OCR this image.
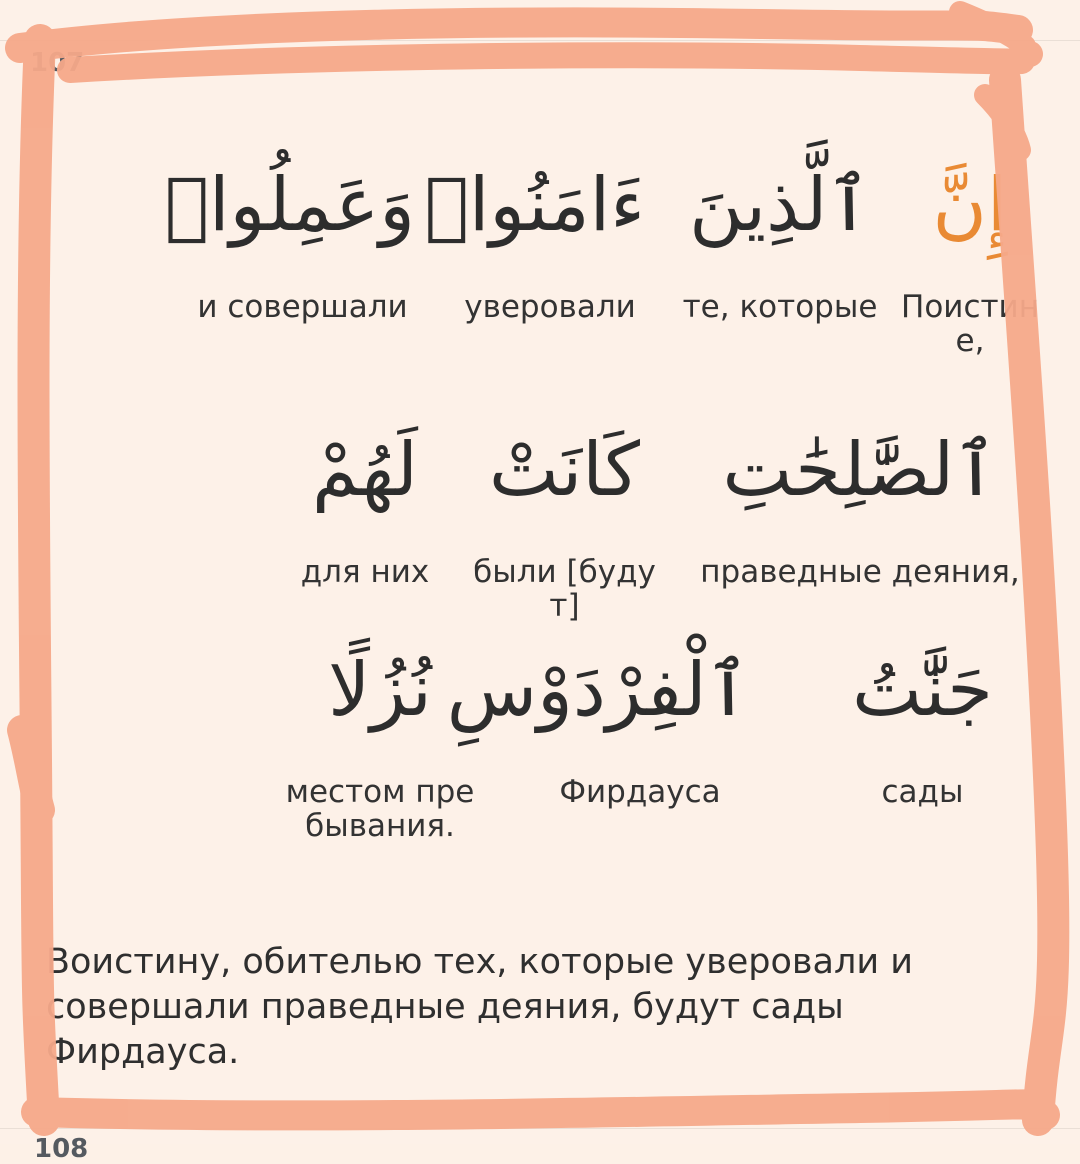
107
إِنَّ
Поистине,
ٱلَّذِينَ
те, которые
ءَامَنُوا۟
уверовали
وَعَمِلُوا۟
и совершали
ٱلصَّٰلِحَٰتِ
праведные деяния,
كَانَتْ
были [будут]
لَهُمْ
для них
جَنَّٰتُ
сады
ٱلْفِرْدَوْسِ
Фирдауса
نُزُلًا
местом пребывания.
Воистину, обителью тех, которые уверовали и совершали праведные деяния, будут сады Фирдауса.
108
